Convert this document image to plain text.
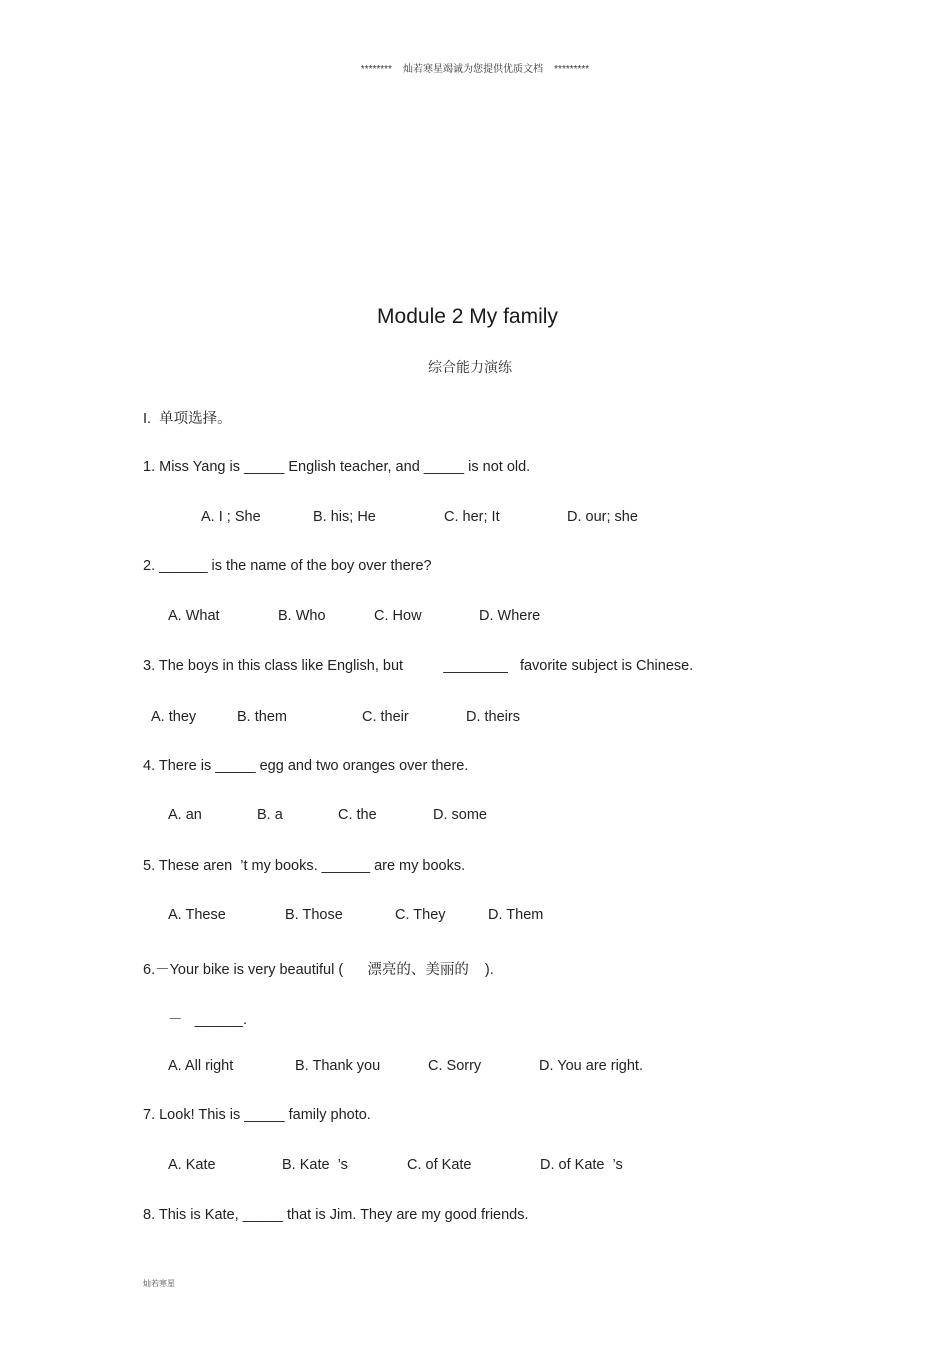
********    灿若寒星竭诚为您提供优质文档    *********
Module 2 My family
综合能力演练
I.  单项选择。
1. Miss Yang is _____ English teacher, and _____ is not old.
A. I ; She	B. his; He	C. her; It	D. our; she
2. ______ is the name of the boy over there?
A. What	B. Who	C. How	D. Where
3. The boys in this class like English, but          ________   favorite subject is Chinese.
A. they	B. them	C. their	D. theirs
4. There is _____ egg and two oranges over there.
A. an	B. a	C. the	D. some
5. These aren  ’t my books. ______ are my books.
A. These	B. Those	C. They	D. Them
6.－Your bike is very beautiful (      漂亮的、美丽的    ).
－   ______.
A. All right	B. Thank you	C. Sorry	D. You are right.
7. Look! This is _____ family photo.
A. Kate	B. Kate  ’s	C. of Kate	D. of Kate  ’s
8. This is Kate, _____ that is Jim. They are my good friends.
灿若寒星
